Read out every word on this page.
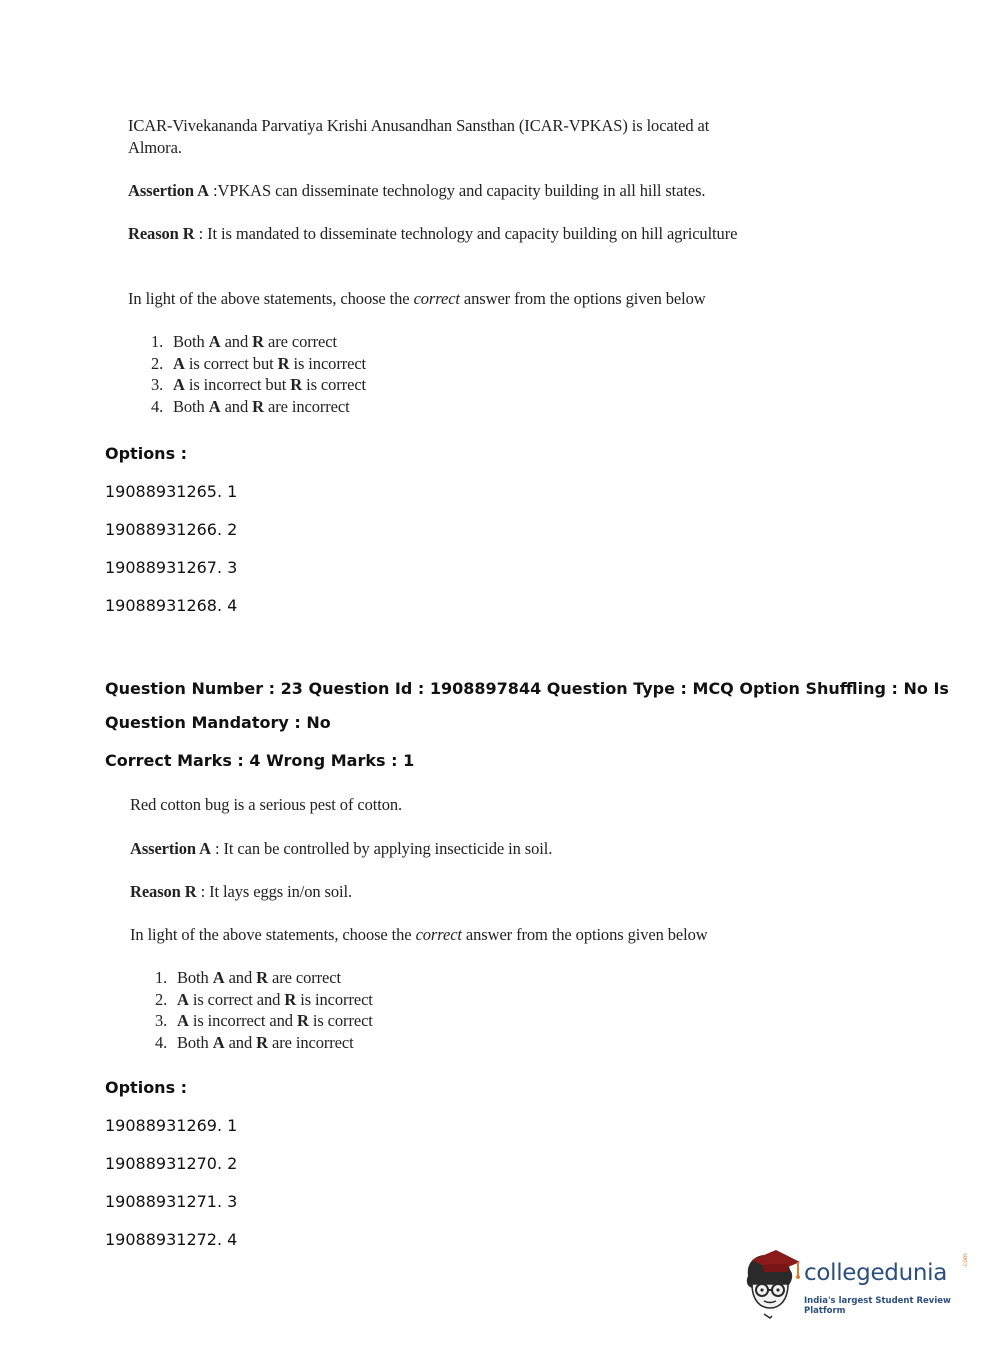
ICAR-Vivekananda Parvatiya Krishi Anusandhan Sansthan (ICAR-VPKAS) is located at
Almora.
Assertion A :VPKAS can disseminate technology and capacity building in all hill states.
Reason R : It is mandated to disseminate technology and capacity building on hill agriculture
In light of the above statements, choose the correct answer from the options given below
1. Both A and R are correct
2. A is correct but R is incorrect
3. A is incorrect but R is correct
4. Both A and R are incorrect
Options :
19088931265. 1
19088931266. 2
19088931267. 3
19088931268. 4
Question Number : 23 Question Id : 1908897844 Question Type : MCQ Option Shuffling : No Is
Question Mandatory : No
Correct Marks : 4 Wrong Marks : 1
Red cotton bug is a serious pest of cotton.
Assertion A : It can be controlled by applying insecticide in soil.
Reason R : It lays eggs in/on soil.
In light of the above statements, choose the correct answer from the options given below
1. Both A and R are correct
2. A is correct and R is incorrect
3. A is incorrect and R is correct
4. Both A and R are incorrect
Options :
19088931269. 1
19088931270. 2
19088931271. 3
19088931272. 4
collegedunia .com
India's largest Student Review Platform
